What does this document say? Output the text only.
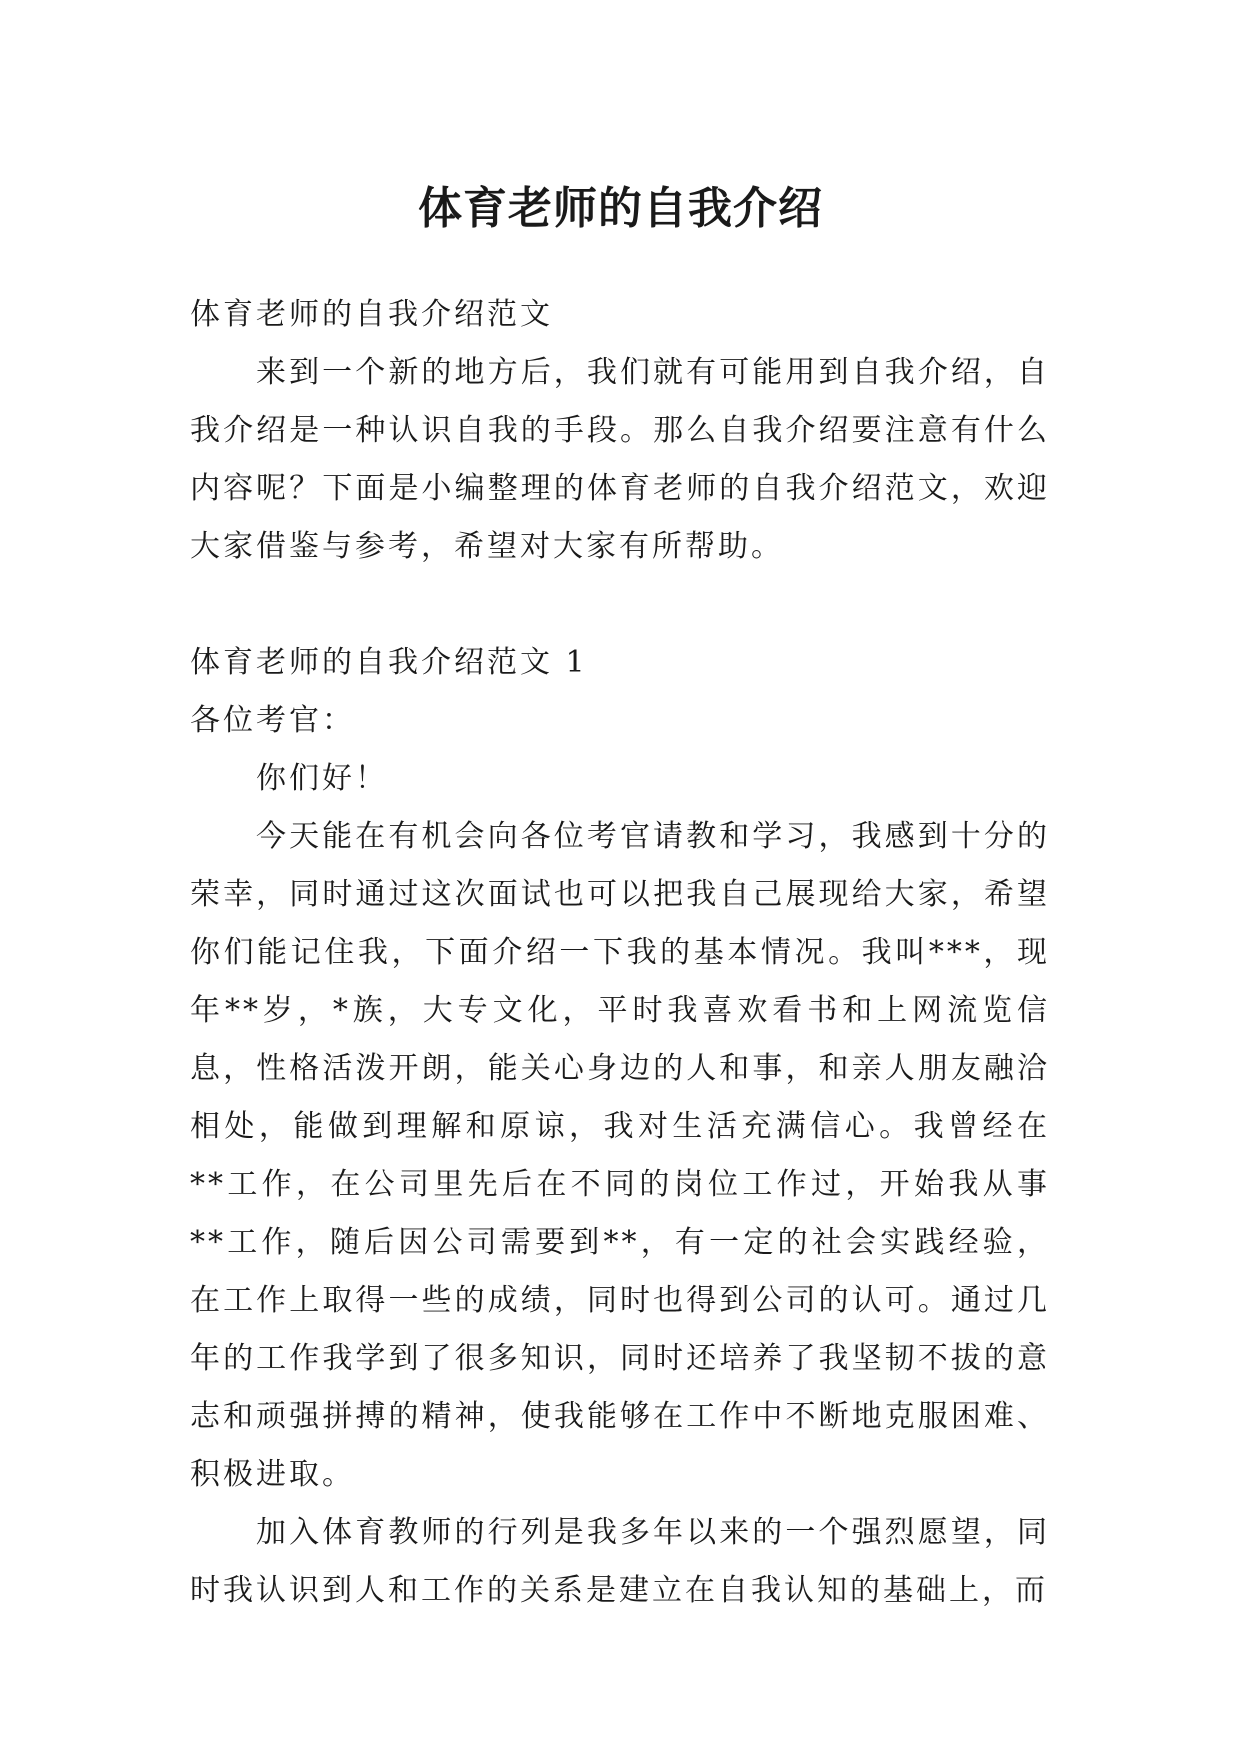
体育老师的自我介绍

体育老师的自我介绍范文

来到一个新的地方后，我们就有可能用到自我介绍，自我介绍是一种认识自我的手段。那么自我介绍要注意有什么内容呢？下面是小编整理的体育老师的自我介绍范文，欢迎大家借鉴与参考，希望对大家有所帮助。

体育老师的自我介绍范文 1

各位考官：

你们好！

今天能在有机会向各位考官请教和学习，我感到十分的荣幸，同时通过这次面试也可以把我自己展现给大家，希望你们能记住我，下面介绍一下我的基本情况。我叫***，现年**岁，*族，大专文化，平时我喜欢看书和上网流览信息，性格活泼开朗，能关心身边的人和事，和亲人朋友融洽相处，能做到理解和原谅，我对生活充满信心。我曾经在**工作，在公司里先后在不同的岗位工作过，开始我从事**工作，随后因公司需要到**，有一定的社会实践经验，在工作上取得一些的成绩，同时也得到公司的认可。通过几年的工作我学到了很多知识，同时还培养了我坚韧不拔的意志和顽强拼搏的精神，使我能够在工作中不断地克服困难、积极进取。

加入体育教师的行列是我多年以来的一个强烈愿望，同时我认识到人和工作的关系是建立在自我认知的基础上，而
